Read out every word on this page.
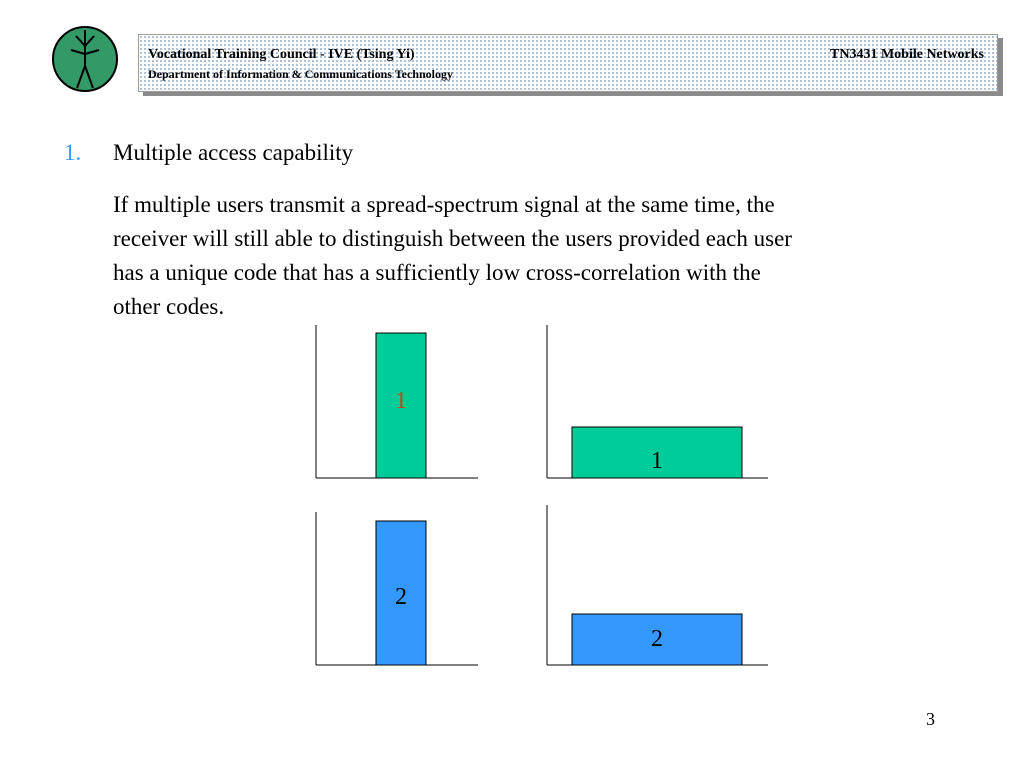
Vocational Training Council - IVE (Tsing Yi)
Department of Information & Communications Technology
TN3431 Mobile Networks
1. Multiple access capability

If multiple users transmit a spread-spectrum signal at the same time, the
receiver will still able to distinguish between the users provided each user
has a unique code that has a sufficiently low cross-correlation with the
other codes.

1
1
2
2
3
